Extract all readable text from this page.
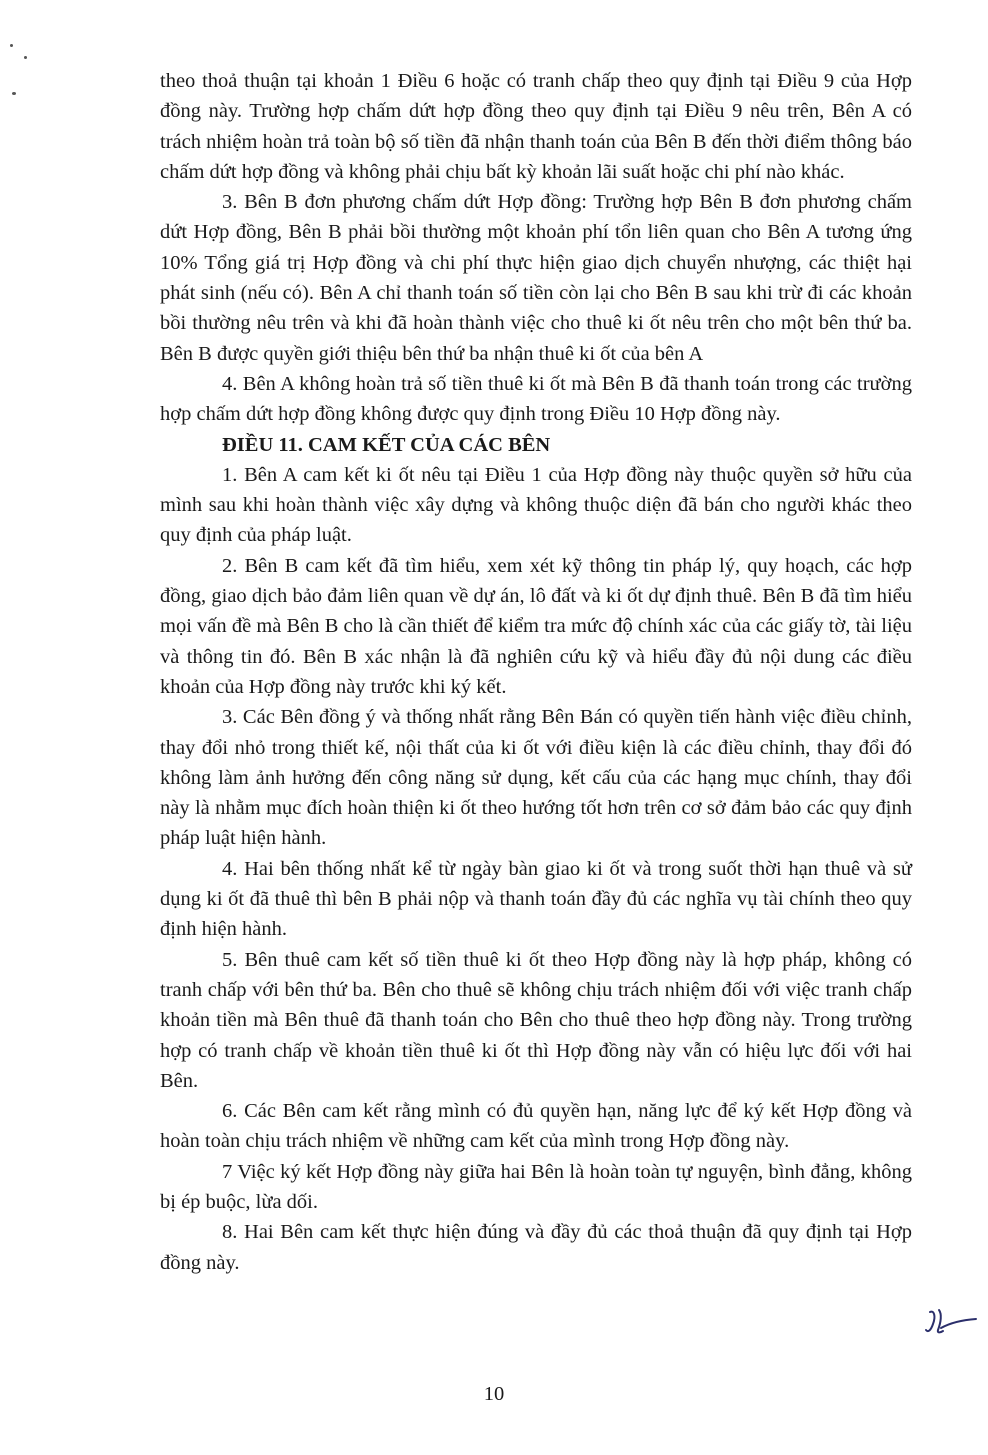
theo thoả thuận tại khoản 1 Điều 6 hoặc có tranh chấp theo quy định tại Điều 9 của Hợp đồng này. Trường hợp chấm dứt hợp đồng theo quy định tại Điều 9 nêu trên, Bên A có trách nhiệm hoàn trả toàn bộ số tiền đã nhận thanh toán của Bên B đến thời điểm thông báo chấm dứt hợp đồng và không phải chịu bất kỳ khoản lãi suất hoặc chi phí nào khác.

3. Bên B đơn phương chấm dứt Hợp đồng: Trường hợp Bên B đơn phương chấm dứt Hợp đồng, Bên B phải bồi thường một khoản phí tổn liên quan cho Bên A tương ứng 10% Tổng giá trị Hợp đồng và chi phí thực hiện giao dịch chuyển nhượng, các thiệt hại phát sinh (nếu có). Bên A chỉ thanh toán số tiền còn lại cho Bên B sau khi trừ đi các khoản bồi thường nêu trên và khi đã hoàn thành việc cho thuê ki ốt nêu trên cho một bên thứ ba. Bên B được quyền giới thiệu bên thứ ba nhận thuê ki ốt của bên A

4. Bên A không hoàn trả số tiền thuê ki ốt mà Bên B đã thanh toán trong các trường hợp chấm dứt hợp đồng không được quy định trong Điều 10 Hợp đồng này.

ĐIỀU 11. CAM KẾT CỦA CÁC BÊN

1. Bên A cam kết ki ốt nêu tại Điều 1 của Hợp đồng này thuộc quyền sở hữu của mình sau khi hoàn thành việc xây dựng và không thuộc diện đã bán cho người khác theo quy định của pháp luật.

2. Bên B cam kết đã tìm hiểu, xem xét kỹ thông tin pháp lý, quy hoạch, các hợp đồng, giao dịch bảo đảm liên quan về dự án, lô đất và ki ốt dự định thuê. Bên B đã tìm hiểu mọi vấn đề mà Bên B cho là cần thiết để kiểm tra mức độ chính xác của các giấy tờ, tài liệu và thông tin đó. Bên B xác nhận là đã nghiên cứu kỹ và hiểu đầy đủ nội dung các điều khoản của Hợp đồng này trước khi ký kết.

3. Các Bên đồng ý và thống nhất rằng Bên Bán có quyền tiến hành việc điều chỉnh, thay đổi nhỏ trong thiết kế, nội thất của ki ốt với điều kiện là các điều chỉnh, thay đổi đó không làm ảnh hưởng đến công năng sử dụng, kết cấu của các hạng mục chính, thay đổi này là nhằm mục đích hoàn thiện ki ốt theo hướng tốt hơn trên cơ sở đảm bảo các quy định pháp luật hiện hành.

4. Hai bên thống nhất kể từ ngày bàn giao ki ốt và trong suốt thời hạn thuê và sử dụng ki ốt đã thuê thì bên B phải nộp và thanh toán đầy đủ các nghĩa vụ tài chính theo quy định hiện hành.

5. Bên thuê cam kết số tiền thuê ki ốt theo Hợp đồng này là hợp pháp, không có tranh chấp với bên thứ ba. Bên cho thuê sẽ không chịu trách nhiệm đối với việc tranh chấp khoản tiền mà Bên thuê đã thanh toán cho Bên cho thuê theo hợp đồng này. Trong trường hợp có tranh chấp về khoản tiền thuê ki ốt thì Hợp đồng này vẫn có hiệu lực đối với hai Bên.

6. Các Bên cam kết rằng mình có đủ quyền hạn, năng lực để ký kết Hợp đồng và hoàn toàn chịu trách nhiệm về những cam kết của mình trong Hợp đồng này.

7 Việc ký kết Hợp đồng này giữa hai Bên là hoàn toàn tự nguyện, bình đẳng, không bị ép buộc, lừa dối.

8. Hai Bên cam kết thực hiện đúng và đầy đủ các thoả thuận đã quy định tại Hợp đồng này.

10
